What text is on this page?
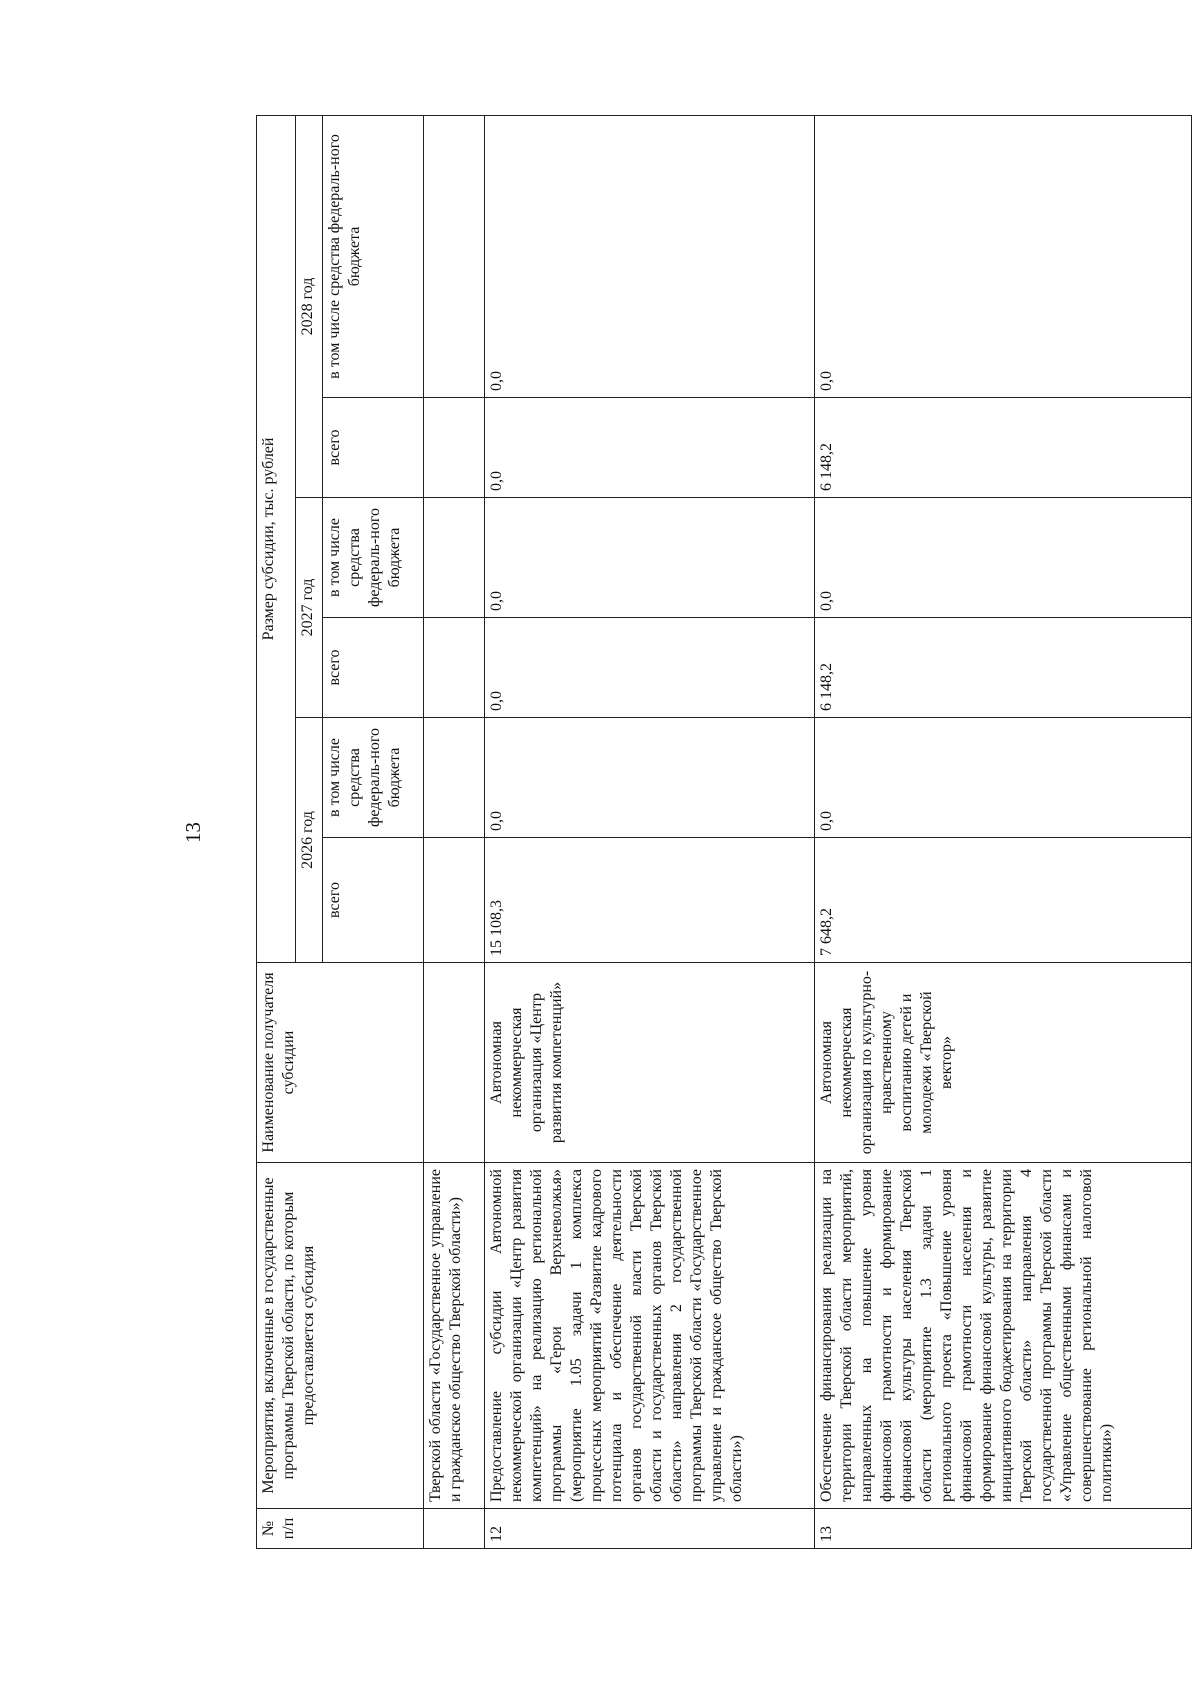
13
№ п/п	Мероприятия, включенные в государственные программы Тверской области, по которым предоставляется субсидия	Наименование получателя субсидии	Размер субсидии, тыс. рублей					
			2026 год		2027 год		2028 год	
			всего	в том числе средства федераль-ного бюджета	всего	в том числе средства федераль-ного бюджета	всего	в том числе средства федераль-ного бюджета
	Тверской области «Государственное управление и гражданское общество Тверской области»)							
12	Предоставление субсидии Автономной некоммерческой организации «Центр развития компетенций» на реализацию региональной программы «Герои Верхневолжья» (мероприятие 1.05 задачи 1 комплекса процессных мероприятий «Развитие кадрового потенциала и обеспечение деятельности органов государственной власти Тверской области и государственных органов Тверской области» направления 2 государственной программы Тверской области «Государственное управление и гражданское общество Тверской области»)	Автономная некоммерческая организация «Центр развития компетенций»	15 108,3	0,0	0,0	0,0	0,0	0,0
13	Обеспечение финансирования реализации на территории Тверской области мероприятий, направленных на повышение уровня финансовой грамотности и формирование финансовой культуры населения Тверской области (мероприятие 1.3 задачи 1 регионального проекта «Повышение уровня финансовой грамотности населения и формирование финансовой культуры, развитие инициативного бюджетирования на территории Тверской области» направления 4 государственной программы Тверской области «Управление общественными финансами и совершенствование региональной налоговой политики»)	Автономная некоммерческая организация по культурно-нравственному воспитанию детей и молодежи «Тверской вектор»	7 648,2	0,0	6 148,2	0,0	6 148,2	0,0
